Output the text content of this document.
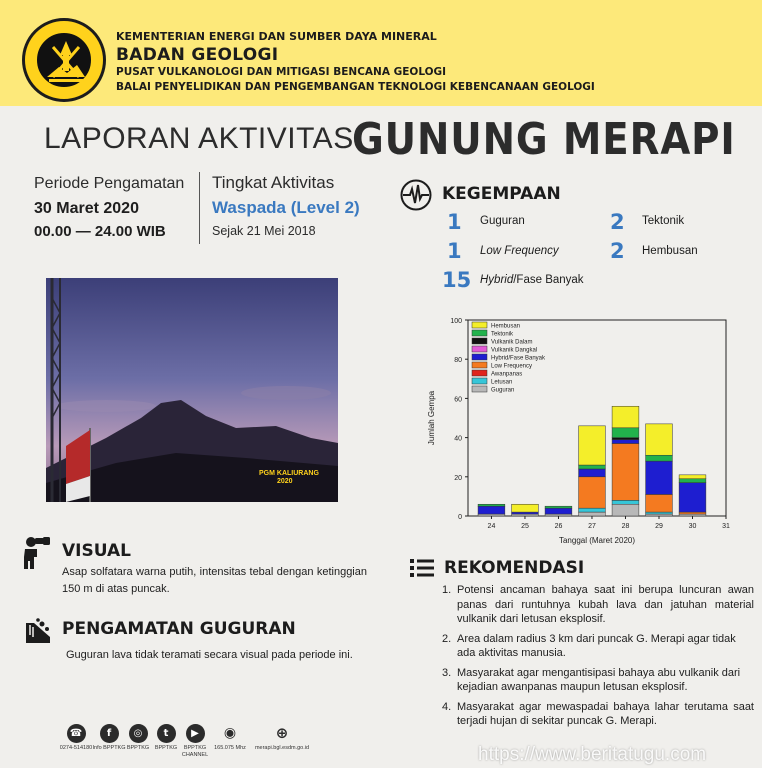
KEMENTERIAN ENERGI DAN SUMBER DAYA MINERAL
BADAN GEOLOGI
PUSAT VULKANOLOGI DAN MITIGASI BENCANA GEOLOGI
BALAI PENYELIDIKAN DAN PENGEMBANGAN TEKNOLOGI KEBENCANAAN GEOLOGI
LAPORAN AKTIVITAS
GUNUNG MERAPI
Periode Pengamatan
30 Maret 2020
00.00 — 24.00 WIB
Tingkat Aktivitas
Waspada (Level 2)
Sejak 21 Mei 2018
PGM KALIURANG
2020
KEGEMPAAN
1 Guguran	2 Tektonik
1 Low Frequency 2 Hembusan
15 Hybrid/Fase Banyak
0
20
40
60
80
100
24	25	26	27	28	29	30	31
Tanggal (Maret 2020)
Jumlah Gempa
Hembusan
Tektonik
Vulkanik Dalam
Vulkanik Dangkal
Hybrid/Fase Banyak
Low Frequency
Awanpanas
Letusan
Guguran
REKOMENDASI
1. Potensi ancaman bahaya saat ini berupa luncuran awan panas dari runtuhnya kubah lava dan jatuhan material vulkanik dari letusan eksplosif.
2. Area dalam radius 3 km dari puncak G. Merapi agar tidak ada aktivitas manusia.
3. Masyarakat agar mengantisipasi bahaya abu vulkanik dari kejadian awanpanas maupun letusan eksplosif.
4. Masyarakat agar mewaspadai bahaya lahar terutama saat terjadi hujan di sekitar puncak G. Merapi.
VISUAL
Asap solfatara warna putih, intensitas tebal dengan ketinggian 150 m di atas puncak.
PENGAMATAN GUGURAN
Guguran lava tidak teramati secara visual pada periode ini.
☎
0274-514180
f
Info BPPTKG
◎
BPPTKG
t
BPPTKG
▶
BPPTKG CHANNEL
◉
165.075 Mhz
⊕
merapi.bgl.esdm.go.id	https://www.beritatugu.com
